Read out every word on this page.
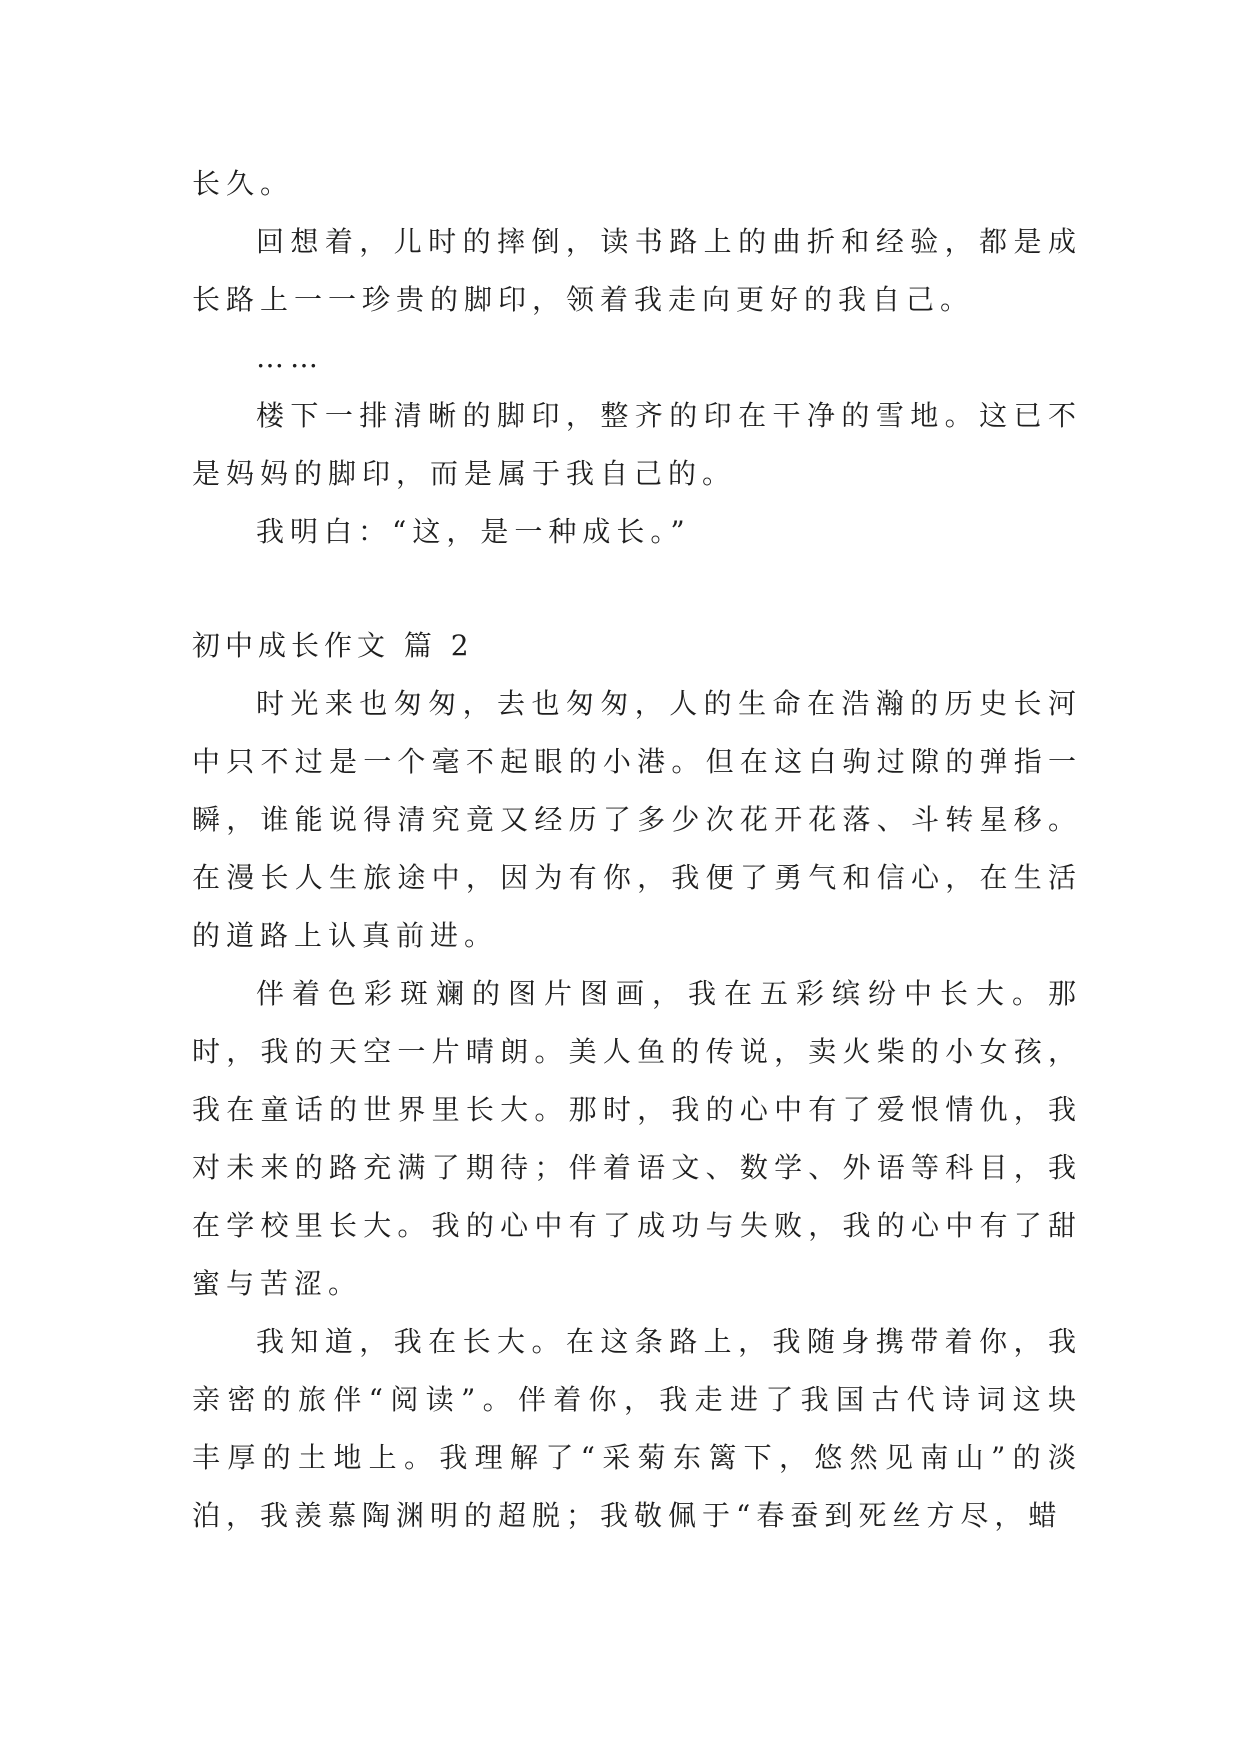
长久。

回想着，儿时的摔倒，读书路上的曲折和经验，都是成长路上一一珍贵的脚印，领着我走向更好的我自己。

……

楼下一排清晰的脚印，整齐的印在干净的雪地。这已不是妈妈的脚印，而是属于我自己的。

我明白：“这，是一种成长。”

初中成长作文 篇 2

时光来也匆匆，去也匆匆，人的生命在浩瀚的历史长河中只不过是一个毫不起眼的小港。但在这白驹过隙的弹指一瞬，谁能说得清究竟又经历了多少次花开花落、斗转星移。在漫长人生旅途中，因为有你，我便了勇气和信心，在生活的道路上认真前进。

伴着色彩斑斓的图片图画，我在五彩缤纷中长大。那时，我的天空一片晴朗。美人鱼的传说，卖火柴的小女孩，我在童话的世界里长大。那时，我的心中有了爱恨情仇，我对未来的路充满了期待；伴着语文、数学、外语等科目，我在学校里长大。我的心中有了成功与失败，我的心中有了甜蜜与苦涩。

我知道，我在长大。在这条路上，我随身携带着你，我亲密的旅伴“阅读”。伴着你，我走进了我国古代诗词这块丰厚的土地上。我理解了“采菊东篱下，悠然见南山”的淡泊，我羡慕陶渊明的超脱；我敬佩于“春蚕到死丝方尽，蜡
